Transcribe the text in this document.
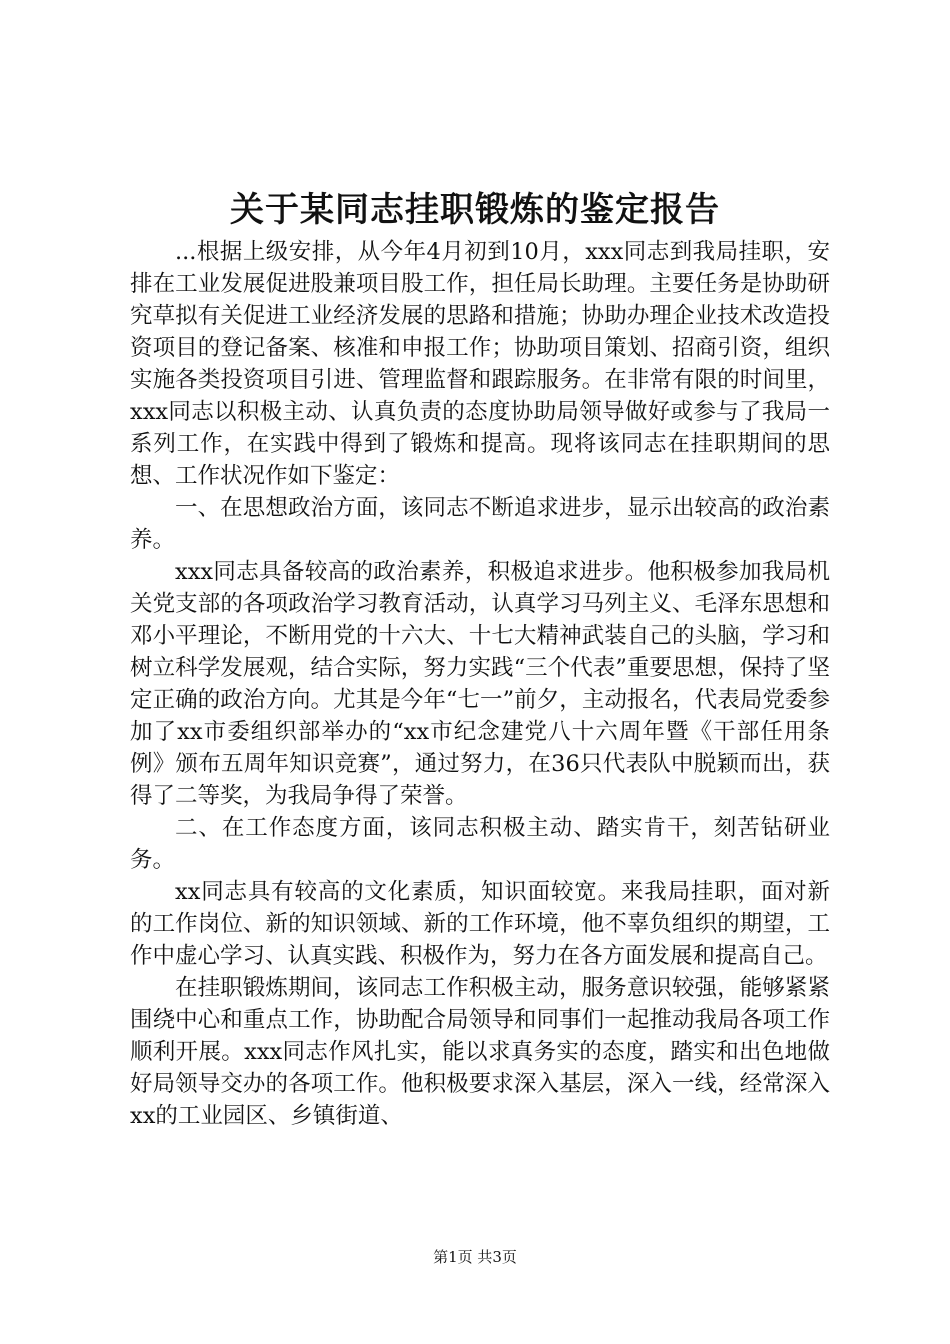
关于某同志挂职锻炼的鉴定报告

...根据上级安排，从今年4月初到10月，xxx同志到我局挂职，安排在工业发展促进股兼项目股工作，担任局长助理。主要任务是协助研究草拟有关促进工业经济发展的思路和措施；协助办理企业技术改造投资项目的登记备案、核准和申报工作；协助项目策划、招商引资，组织实施各类投资项目引进、管理监督和跟踪服务。在非常有限的时间里，xxx同志以积极主动、认真负责的态度协助局领导做好或参与了我局一系列工作，在实践中得到了锻炼和提高。现将该同志在挂职期间的思想、工作状况作如下鉴定：

一、在思想政治方面，该同志不断追求进步，显示出较高的政治素养。

xxx同志具备较高的政治素养，积极追求进步。他积极参加我局机关党支部的各项政治学习教育活动，认真学习马列主义、毛泽东思想和邓小平理论，不断用党的十六大、十七大精神武装自己的头脑，学习和树立科学发展观，结合实际，努力实践“三个代表”重要思想，保持了坚定正确的政治方向。尤其是今年“七一”前夕，主动报名，代表局党委参加了xx市委组织部举办的“xx市纪念建党八十六周年暨《干部任用条例》颁布五周年知识竞赛”，通过努力，在36只代表队中脱颖而出，获得了二等奖，为我局争得了荣誉。

二、在工作态度方面，该同志积极主动、踏实肯干，刻苦钻研业务。

xx同志具有较高的文化素质，知识面较宽。来我局挂职，面对新的工作岗位、新的知识领域、新的工作环境，他不辜负组织的期望，工作中虚心学习、认真实践、积极作为，努力在各方面发展和提高自己。

在挂职锻炼期间，该同志工作积极主动，服务意识较强，能够紧紧围绕中心和重点工作，协助配合局领导和同事们一起推动我局各项工作顺利开展。xxx同志作风扎实，能以求真务实的态度，踏实和出色地做好局领导交办的各项工作。他积极要求深入基层，深入一线，经常深入xx的工业园区、乡镇街道、

第1页 共3页
